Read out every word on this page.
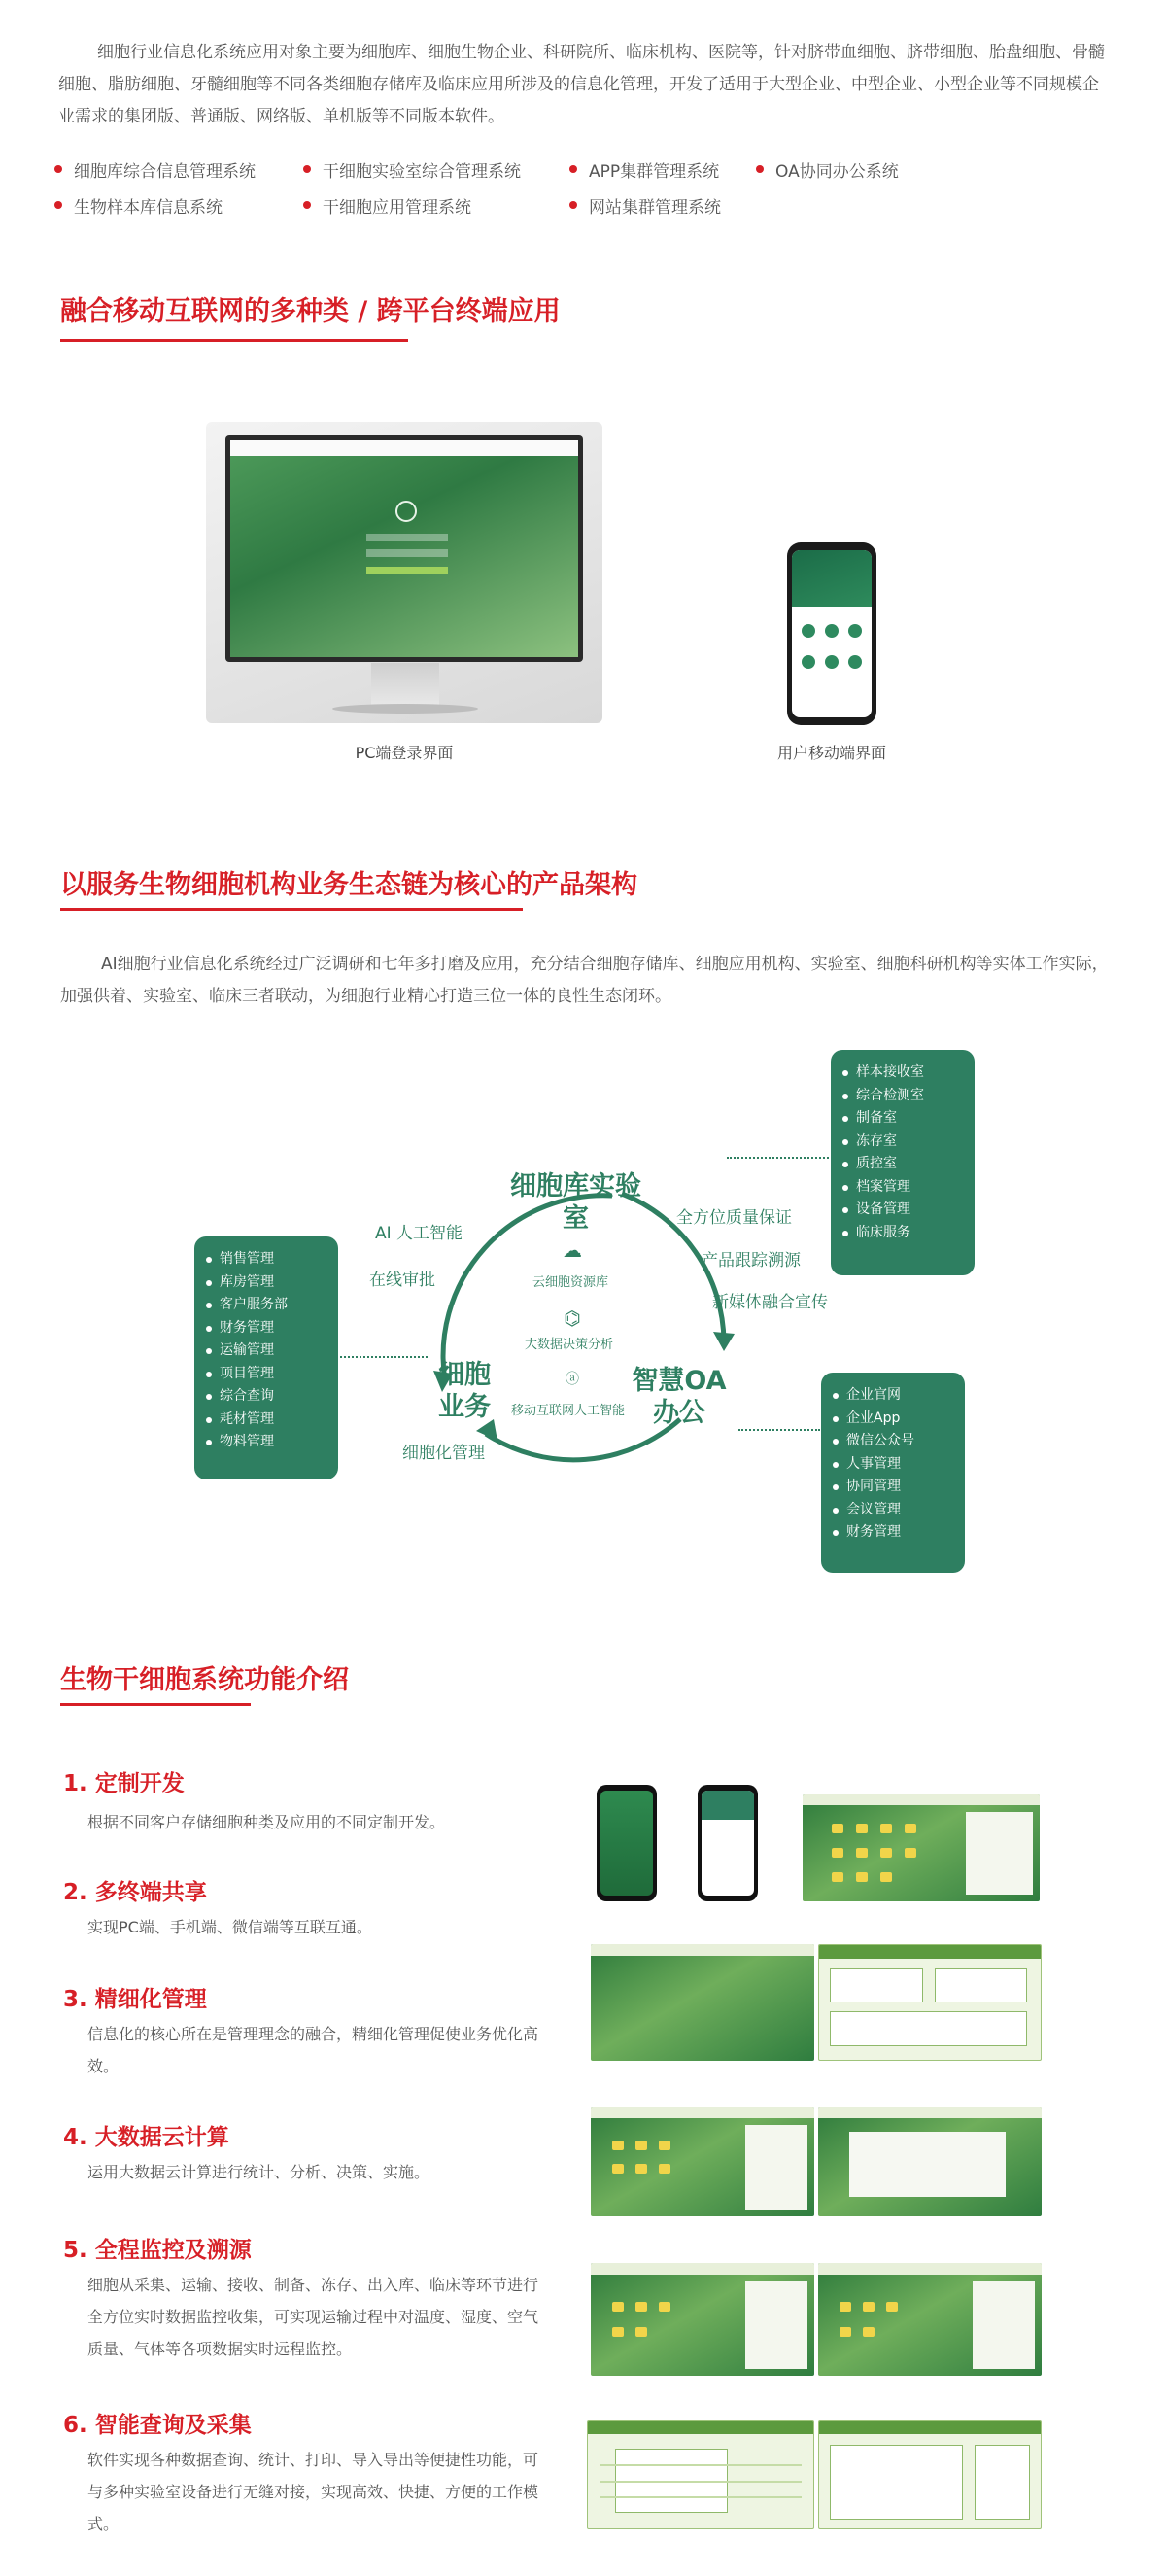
细胞行业信息化系统应用对象主要为细胞库、细胞生物企业、科研院所、临床机构、医院等，针对脐带血细胞、脐带细胞、胎盘细胞、骨髓细胞、脂肪细胞、牙髓细胞等不同各类细胞存储库及临床应用所涉及的信息化管理，开发了适用于大型企业、中型企业、小型企业等不同规模企业需求的集团版、普通版、网络版、单机版等不同版本软件。

细胞库综合信息管理系统	干细胞实验室综合管理系统	APP集群管理系统	OA协同办公系统
生物样本库信息系统	干细胞应用管理系统	网站集群管理系统
融合移动互联网的多种类 / 跨平台终端应用
PC端登录界面	用户移动端界面
以服务生物细胞机构业务生态链为核心的产品架构

AI细胞行业信息化系统经过广泛调研和七年多打磨及应用，充分结合细胞存储库、细胞应用机构、实验室、细胞科研机构等实体工作实际，加强供着、实验室、临床三者联动，为细胞行业精心打造三位一体的良性生态闭环。

样本接收室
综合检测室
制备室
冻存室
质控室
档案管理
设备管理
临床服务
销售管理
库房管理
客户服务部
财务管理
运输管理
项目管理
综合查询
耗材管理
物料管理
企业官网
企业App
微信公众号
人事管理
协同管理
会议管理
财务管理
细胞库实验室
细胞业务
智慧OA办公
AI 人工智能
在线审批
全方位质量保证
产品跟踪溯源
新媒体融合宣传
细胞化管理
☁
云细胞资源库
⌬
大数据决策分析
ⓐ
移动互联网人工智能
生物干细胞系统功能介绍
1. 定制开发
根据不同客户存储细胞种类及应用的不同定制开发。
2. 多终端共享
实现PC端、手机端、微信端等互联互通。
3. 精细化管理
信息化的核心所在是管理理念的融合，精细化管理促使业务优化高效。
4. 大数据云计算
运用大数据云计算进行统计、分析、决策、实施。
5. 全程监控及溯源
细胞从采集、运输、接收、制备、冻存、出入库、临床等环节进行全方位实时数据监控收集，可实现运输过程中对温度、湿度、空气质量、气体等各项数据实时远程监控。
6. 智能查询及采集
软件实现各种数据查询、统计、打印、导入导出等便捷性功能，可与多种实验室设备进行无缝对接，实现高效、快捷、方便的工作模式。
